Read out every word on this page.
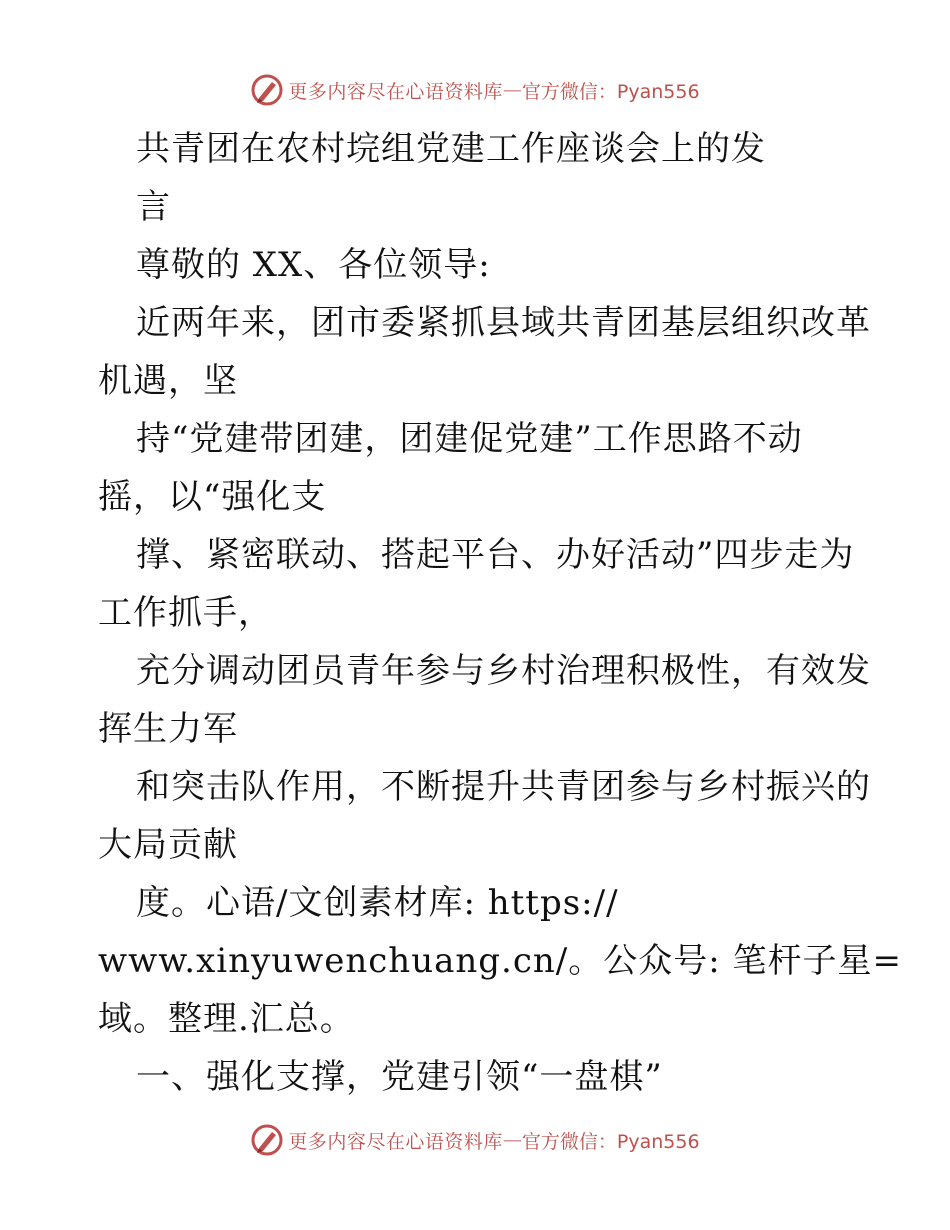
更多内容尽在心语资料库 — 官方微信：Pyan556
共青团在农村垸组党建工作座谈会上的发
言
尊敬的 XX、各位领导:
近两年来，团市委紧抓县域共青团基层组织改革
机遇，坚
持“党建带团建，团建促党建”工作思路不动
摇，以“强化支
撑、紧密联动、搭起平台、办好活动”四步走为
工作抓手，
充分调动团员青年参与乡村治理积极性，有效发
挥生力军
和突击队作用，不断提升共青团参与乡村振兴的
大局贡献
度。心语/文创素材库: https://
www.xinyuwenchuang.cn/。公众号: 笔杆子星=
域。整理.汇总。
一、强化支撑，党建引领“一盘棋”
更多内容尽在心语资料库 — 官方微信：Pyan556
